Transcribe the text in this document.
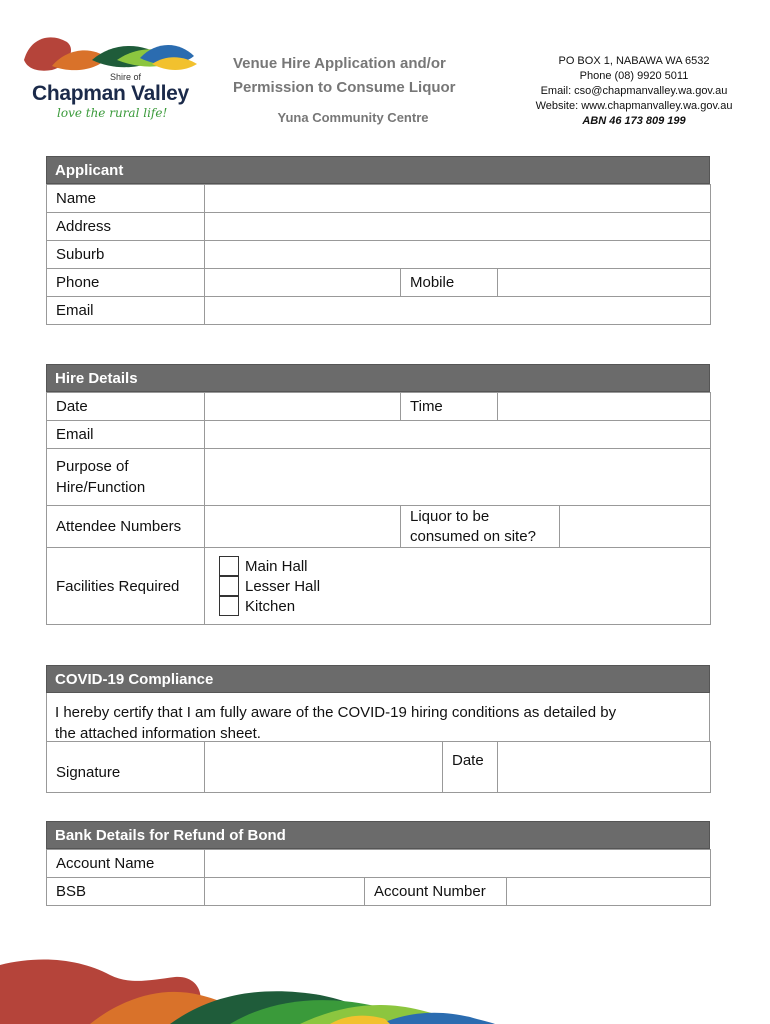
Shire of
Chapman Valley
love the rural life!
Venue Hire Application and/or
Permission to Consume Liquor
Yuna Community Centre
PO BOX 1, NABAWA WA 6532
Phone (08) 9920 5011
Email: cso@chapmanvalley.wa.gov.au
Website: www.chapmanvalley.wa.gov.au
ABN 46 173 809 199
Applicant
Name			
Address			
Suburb			
Phone		Mobile	
Email			
Hire Details
Date		Time		
Email				

Purpose of
Hire/Function				

Attendee Numbers		Liquor to be
consumed on site?		

Facilities Required	Main Hall
Lesser Hall
Kitchen			
COVID-19 Compliance
I hereby certify that I am fully aware of the COVID-19 hiring conditions as detailed by
the attached information sheet.
Signature		Date	
Bank Details for Refund of Bond
Account Name			
BSB		Account Number	
